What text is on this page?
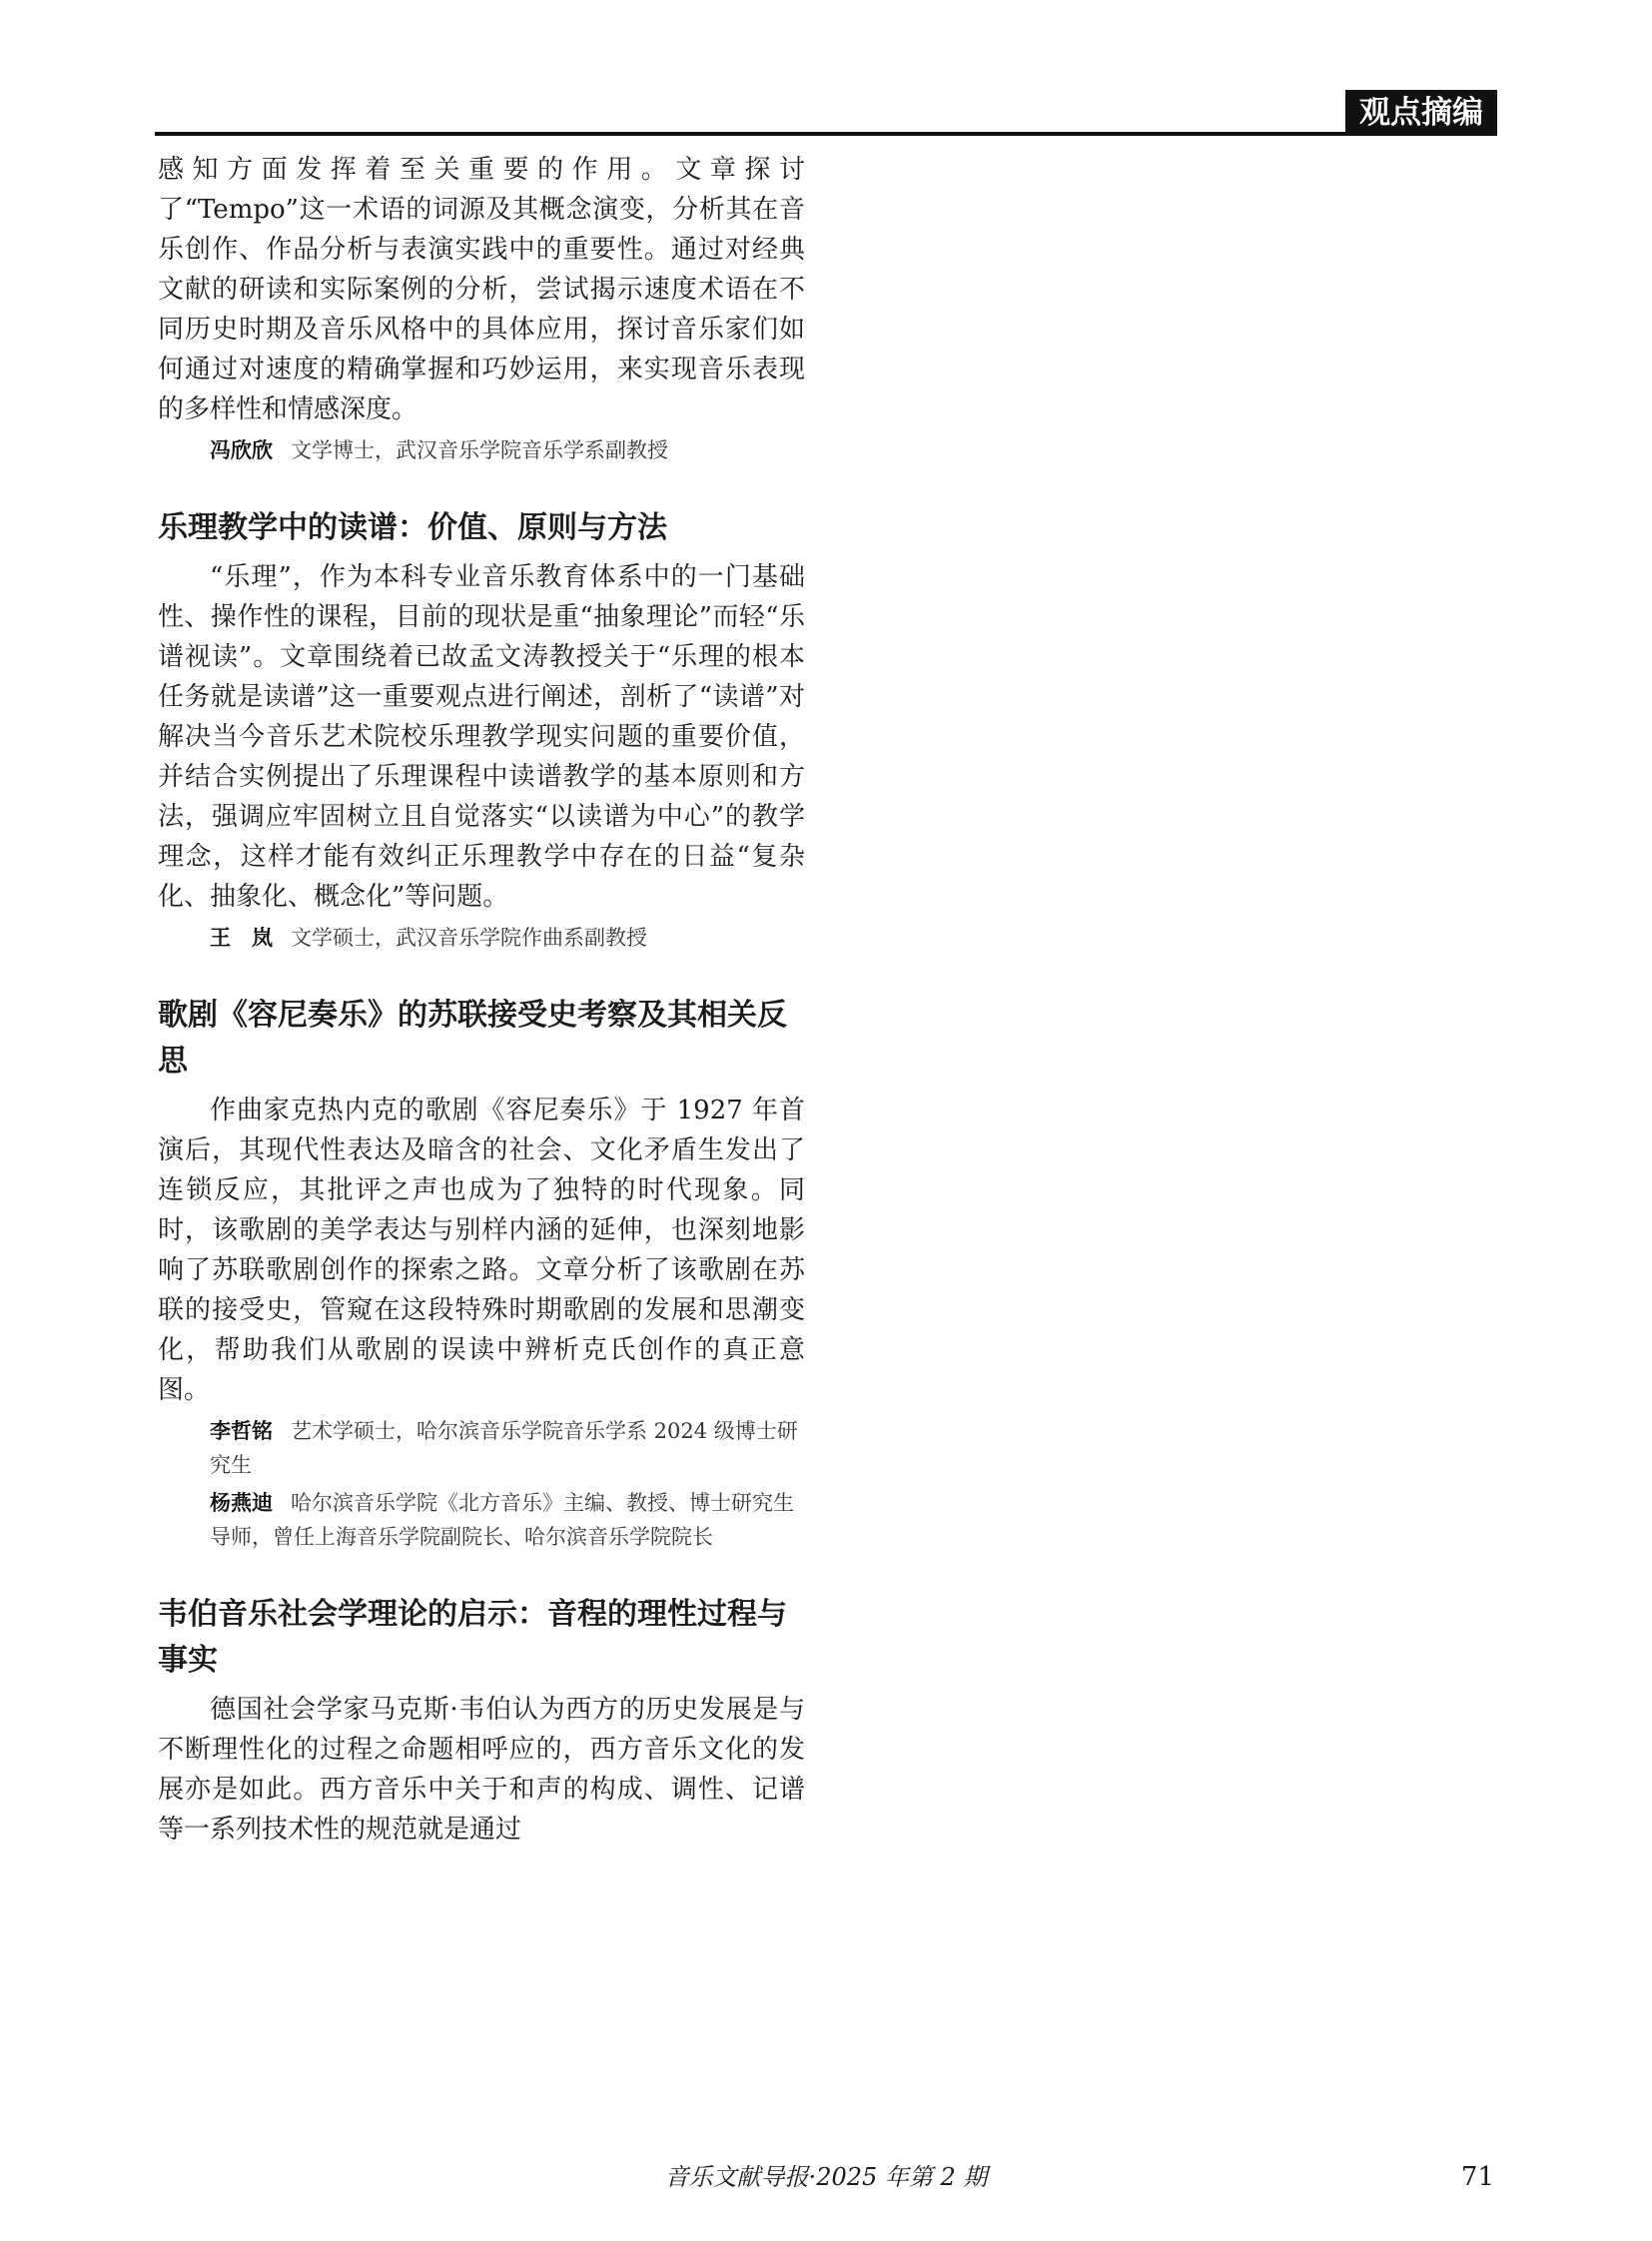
观点摘编

感知方面发挥着至关重要的作用。文章探讨了“Tempo”这一术语的词源及其概念演变，分析其在音乐创作、作品分析与表演实践中的重要性。通过对经典文献的研读和实际案例的分析，尝试揭示速度术语在不同历史时期及音乐风格中的具体应用，探讨音乐家们如何通过对速度的精确掌握和巧妙运用，来实现音乐表现的多样性和情感深度。

冯欣欣 文学博士，武汉音乐学院音乐学系副教授
乐理教学中的读谱：价值、原则与方法

“乐理”，作为本科专业音乐教育体系中的一门基础性、操作性的课程，目前的现状是重“抽象理论”而轻“乐谱视读”。文章围绕着已故孟文涛教授关于“乐理的根本任务就是读谱”这一重要观点进行阐述，剖析了“读谱”对解决当今音乐艺术院校乐理教学现实问题的重要价值，并结合实例提出了乐理课程中读谱教学的基本原则和方法，强调应牢固树立且自觉落实“以读谱为中心”的教学理念，这样才能有效纠正乐理教学中存在的日益“复杂化、抽象化、概念化”等问题。

王　岚 文学硕士，武汉音乐学院作曲系副教授
歌剧《容尼奏乐》的苏联接受史考察及其相关反思

作曲家克热内克的歌剧《容尼奏乐》于 1927 年首演后，其现代性表达及暗含的社会、文化矛盾生发出了连锁反应，其批评之声也成为了独特的时代现象。同时，该歌剧的美学表达与别样内涵的延伸，也深刻地影响了苏联歌剧创作的探索之路。文章分析了该歌剧在苏联的接受史，管窥在这段特殊时期歌剧的发展和思潮变化，帮助我们从歌剧的误读中辨析克氏创作的真正意图。

李哲铭 艺术学硕士，哈尔滨音乐学院音乐学系 2024 级博士研究生
杨燕迪 哈尔滨音乐学院《北方音乐》主编、教授、博士研究生导师，曾任上海音乐学院副院长、哈尔滨音乐学院院长
韦伯音乐社会学理论的启示：音程的理性过程与事实

德国社会学家马克斯·韦伯认为西方的历史发展是与不断理性化的过程之命题相呼应的，西方音乐文化的发展亦是如此。西方音乐中关于和声的构成、调性、记谱等一系列技术性的规范就是通过

音乐文献导报·2025 年第 2 期	71
